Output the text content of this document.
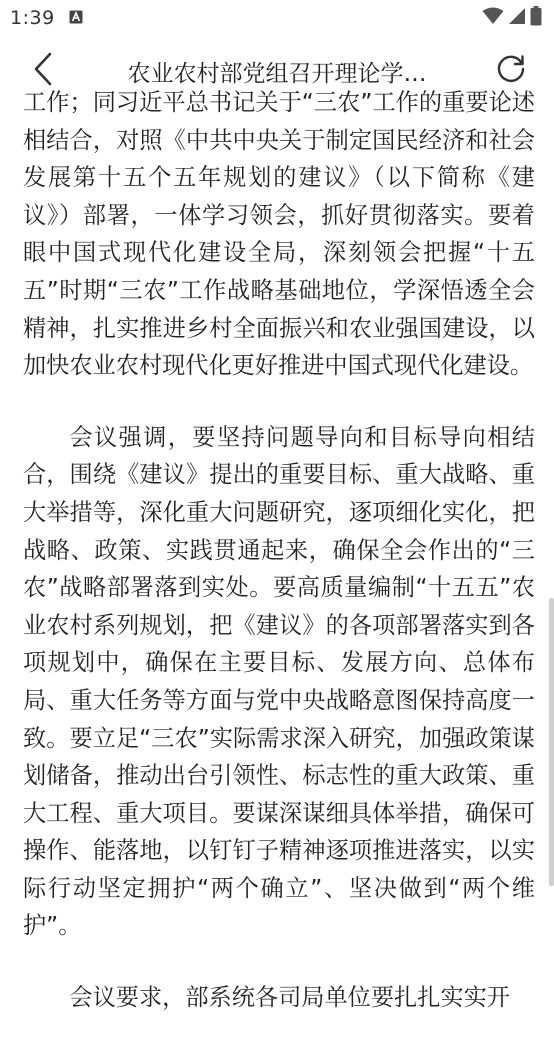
1:39
农业农村部党组召开理论学…

工作；同习近平总书记关于“三农”工作的重要论述相结合，对照《中共中央关于制定国民经济和社会发展第十五个五年规划的建议》（以下简称《建议》）部署，一体学习领会，抓好贯彻落实。要着眼中国式现代化建设全局，深刻领会把握“十五五”时期“三农”工作战略基础地位，学深悟透全会精神，扎实推进乡村全面振兴和农业强国建设，以加快农业农村现代化更好推进中国式现代化建设。

会议强调，要坚持问题导向和目标导向相结合，围绕《建议》提出的重要目标、重大战略、重大举措等，深化重大问题研究，逐项细化实化，把战略、政策、实践贯通起来，确保全会作出的“三农”战略部署落到实处。要高质量编制“十五五”农业农村系列规划，把《建议》的各项部署落实到各项规划中，确保在主要目标、发展方向、总体布局、重大任务等方面与党中央战略意图保持高度一致。要立足“三农”实际需求深入研究，加强政策谋划储备，推动出台引领性、标志性的重大政策、重大工程、重大项目。要谋深谋细具体举措，确保可操作、能落地，以钉钉子精神逐项推进落实，以实际行动坚定拥护“两个确立”、坚决做到“两个维护”。

会议要求，部系统各司局单位要扎扎实实开
